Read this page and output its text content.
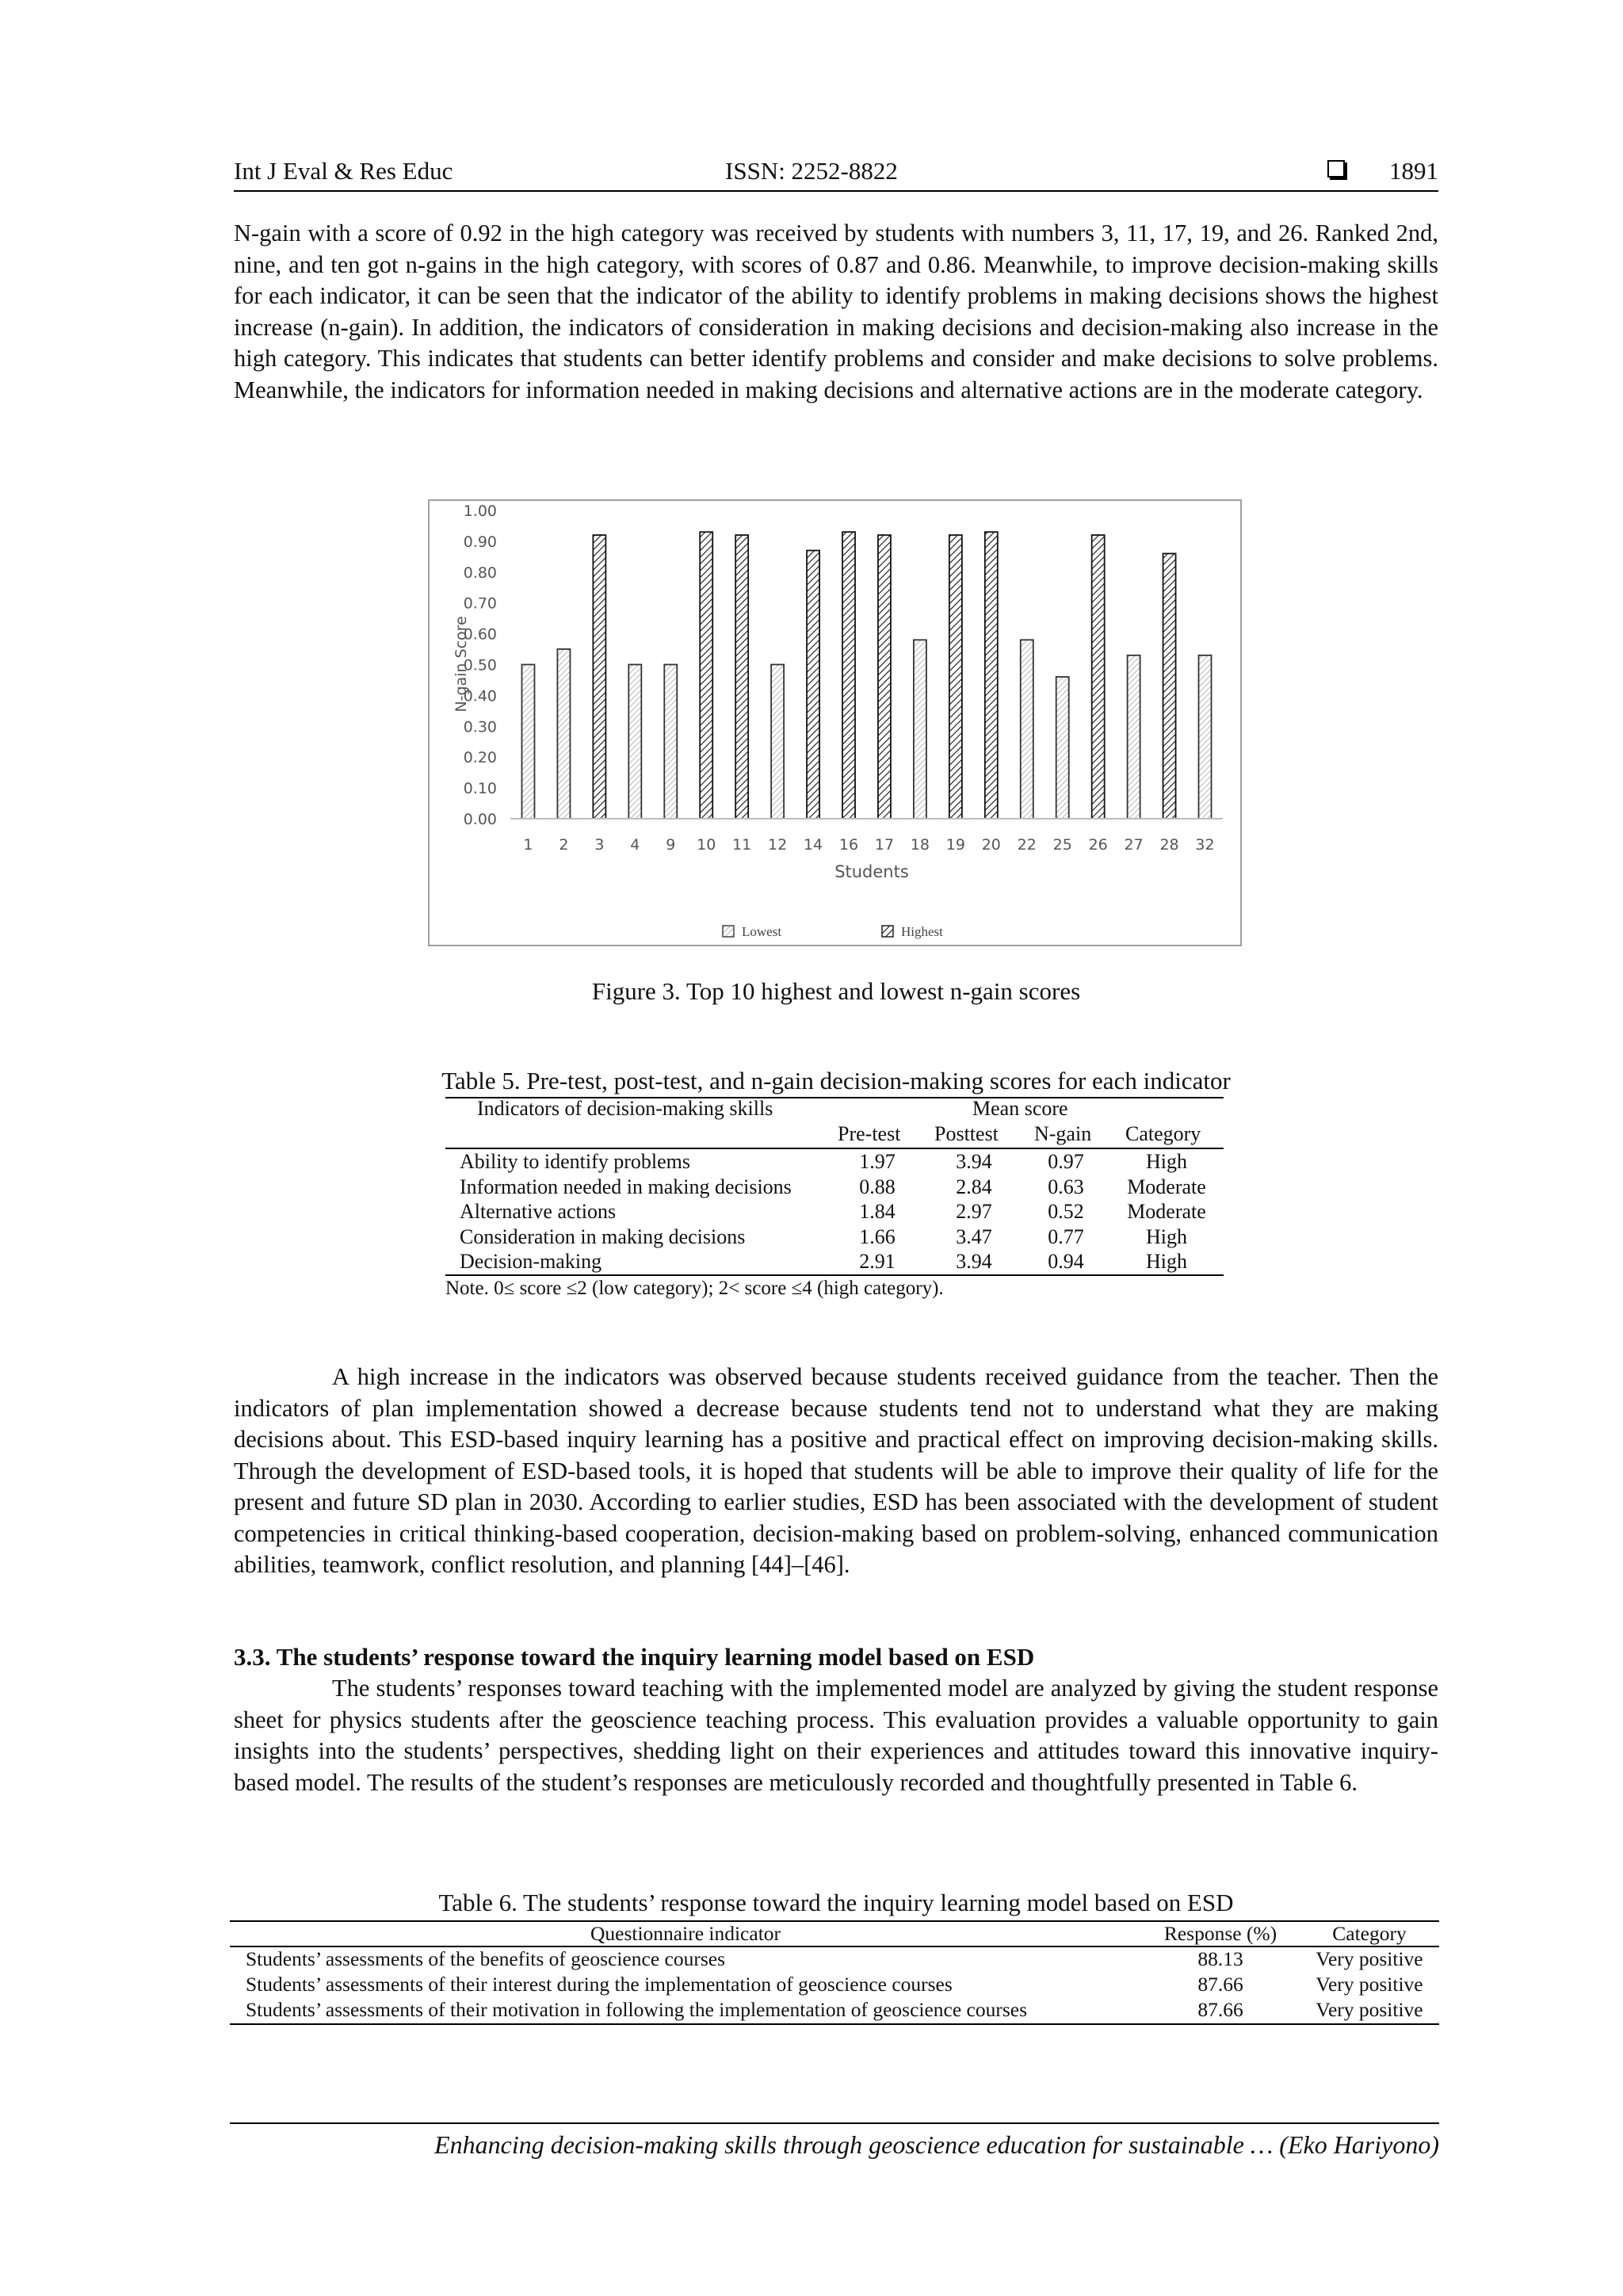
Int J Eval & Res Educ	ISSN: 2252-8822	1891
N-gain with a score of 0.92 in the high category was received by students with numbers 3, 11, 17, 19, and 26. Ranked 2nd, nine, and ten got n-gains in the high category, with scores of 0.87 and 0.86. Meanwhile, to improve decision-making skills for each indicator, it can be seen that the indicator of the ability to identify problems in making decisions shows the highest increase (n-gain). In addition, the indicators of consideration in making decisions and decision-making also increase in the high category. This indicates that students can better identify problems and consider and make decisions to solve problems. Meanwhile, the indicators for information needed in making decisions and alternative actions are in the moderate category.
0.00
0.10
0.20
0.30
0.40
0.50
0.60
0.70
0.80
0.90
1.00
1 2 3 4 9 10 11 12 14 16 17 18 19 20 22 25 26 27 28 32
N-gain Score
Students
Lowest	Highest
Figure 3. Top 10 highest and lowest n-gain scores
Table 5. Pre-test, post-test, and n-gain decision-making scores for each indicator
Indicators of decision-making skills	Mean score
Pre-test Posttest N-gain Category
Ability to identify problems	1.97	3.94	0.97	High
Information needed in making decisions	0.88	2.84	0.63	Moderate
Alternative actions	1.84	2.97	0.52	Moderate
Consideration in making decisions	1.66	3.47	0.77	High
Decision-making	2.91	3.94	0.94	High
Note. 0≤ score ≤2 (low category); 2< score ≤4 (high category).
A high increase in the indicators was observed because students received guidance from the teacher. Then the indicators of plan implementation showed a decrease because students tend not to understand what they are making decisions about. This ESD-based inquiry learning has a positive and practical effect on improving decision-making skills. Through the development of ESD-based tools, it is hoped that students will be able to improve their quality of life for the present and future SD plan in 2030. According to earlier studies, ESD has been associated with the development of student competencies in critical thinking-based cooperation, decision-making based on problem-solving, enhanced communication abilities, teamwork, conflict resolution, and planning [44]–[46].
3.3. The students’ response toward the inquiry learning model based on ESD
The students’ responses toward teaching with the implemented model are analyzed by giving the student response sheet for physics students after the geoscience teaching process. This evaluation provides a valuable opportunity to gain insights into the students’ perspectives, shedding light on their experiences and attitudes toward this innovative inquiry-based model. The results of the student’s responses are meticulously recorded and thoughtfully presented in Table 6.
Table 6. The students’ response toward the inquiry learning model based on ESD
Questionnaire indicator	Response (%)	Category
Students’ assessments of the benefits of geoscience courses	88.13	Very positive
Students’ assessments of their interest during the implementation of geoscience courses	87.66	Very positive
Students’ assessments of their motivation in following the implementation of geoscience courses	87.66	Very positive
Enhancing decision-making skills through geoscience education for sustainable … (Eko Hariyono)
